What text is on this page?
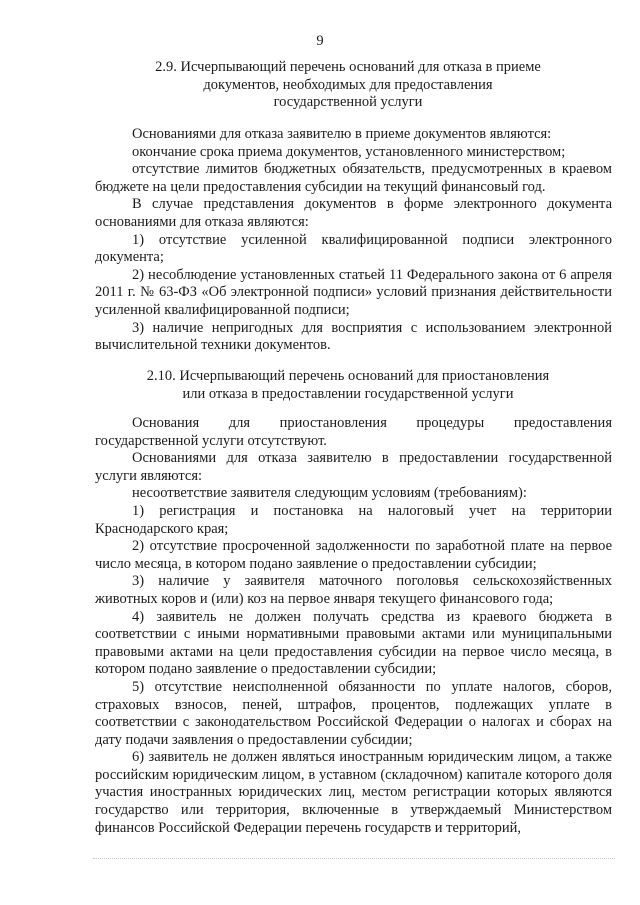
9
2.9. Исчерпывающий перечень оснований для отказа в приеме
документов, необходимых для предоставления
государственной услуги

Основаниями для отказа заявителю в приеме документов являются:

окончание срока приема документов, установленного министерством;

отсутствие лимитов бюджетных обязательств, предусмотренных в краевом бюджете на цели предоставления субсидии на текущий финансовый год.

В случае представления документов в форме электронного документа основаниями для отказа являются:

1) отсутствие усиленной квалифицированной подписи электронного документа;

2) несоблюдение установленных статьей 11 Федерального закона от 6 апреля 2011 г. № 63-ФЗ «Об электронной подписи» условий признания действительности усиленной квалифицированной подписи;

3) наличие непригодных для восприятия с использованием электронной вычислительной техники документов.

2.10. Исчерпывающий перечень оснований для приостановления
или отказа в предоставлении государственной услуги

Основания для приостановления процедуры предоставления государственной услуги отсутствуют.

Основаниями для отказа заявителю в предоставлении государственной услуги являются:

несоответствие заявителя следующим условиям (требованиям):

1) регистрация и постановка на налоговый учет на территории Краснодарского края;

2) отсутствие просроченной задолженности по заработной плате на первое число месяца, в котором подано заявление о предоставлении субсидии;

3) наличие у заявителя маточного поголовья сельскохозяйственных животных коров и (или) коз на первое января текущего финансового года;

4) заявитель не должен получать средства из краевого бюджета в соответствии с иными нормативными правовыми актами или муниципальными правовыми актами на цели предоставления субсидии на первое число месяца, в котором подано заявление о предоставлении субсидии;

5) отсутствие неисполненной обязанности по уплате налогов, сборов, страховых взносов, пеней, штрафов, процентов, подлежащих уплате в соответствии с законодательством Российской Федерации о налогах и сборах на дату подачи заявления о предоставлении субсидии;

6) заявитель не должен являться иностранным юридическим лицом, а также российским юридическим лицом, в уставном (складочном) капитале которого доля участия иностранных юридических лиц, местом регистрации которых являются государство или территория, включенные в утверждаемый Министерством финансов Российской Федерации перечень государств и территорий,
